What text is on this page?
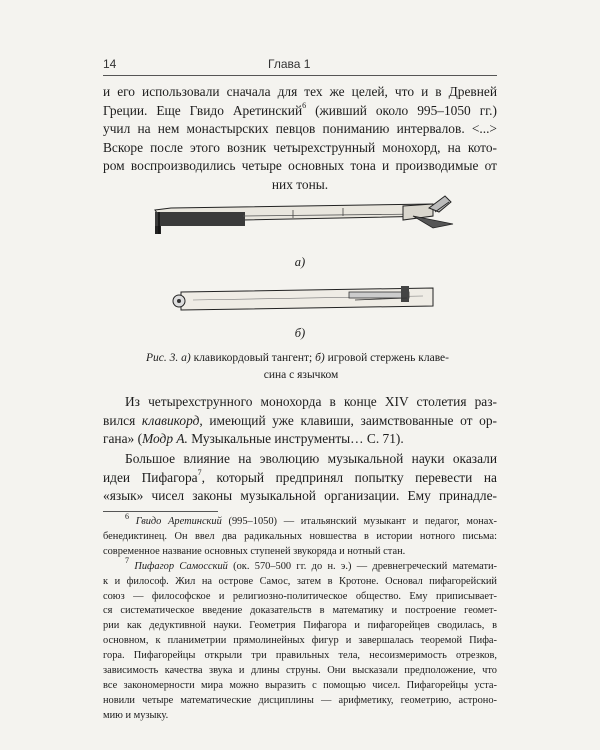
14	Глава 1
и его использовали сначала для тех же целей, что и в Древней
Греции. Еще Гвидо Аретинский$^6$ (живший около 995–1050 гг.)
учил на нем монастырских певцов пониманию интервалов. <...>
Вскоре после этого возник четырехструнный монохорд, на кото-
ром воспроизводились четыре основных тона и производимые от
них тоны.
а)
б)
Рис. 3. а) клавикордовый тангент; б) игровой стержень клаве-
сина с язычком
Из четырехструнного монохорда в конце XIV столетия раз-
вился клавикорд, имеющий уже клавиши, заимствованные от ор-
гана» (Модр А. Музыкальные инструменты… С. 71).
Большое влияние на эволюцию музыкальной науки оказали
идеи Пифагора$^7$, который предпринял попытку перевести на
«язык» чисел законы музыкальной организации. Ему принадле-
$^6$ Гвидо Аретинский (995–1050) — итальянский музыкант и педагог, монах-
бенедиктинец. Он ввел два радикальных новшества в истории нотного письма:
современное название основных ступеней звукоряда и нотный стан.
$^7$ Пифагор Самосский (ок. 570–500 гг. до н. э.) — древнегреческий математи-
к и философ. Жил на острове Самос, затем в Кротоне. Основал пифагорейский
союз — философское и религиозно-политическое общество. Ему приписывает-
ся систематическое введение доказательств в математику и построение геомет-
рии как дедуктивной науки. Геометрия Пифагора и пифагорейцев сводилась, в
основном, к планиметрии прямолинейных фигур и завершалась теоремой Пифа-
гора. Пифагорейцы открыли три правильных тела, несоизмеримость отрезков,
зависимость качества звука и длины струны. Они высказали предположение, что
все закономерности мира можно выразить с помощью чисел. Пифагорейцы уста-
новили четыре математические дисциплины — арифметику, геометрию, астроно-
мию и музыку.
